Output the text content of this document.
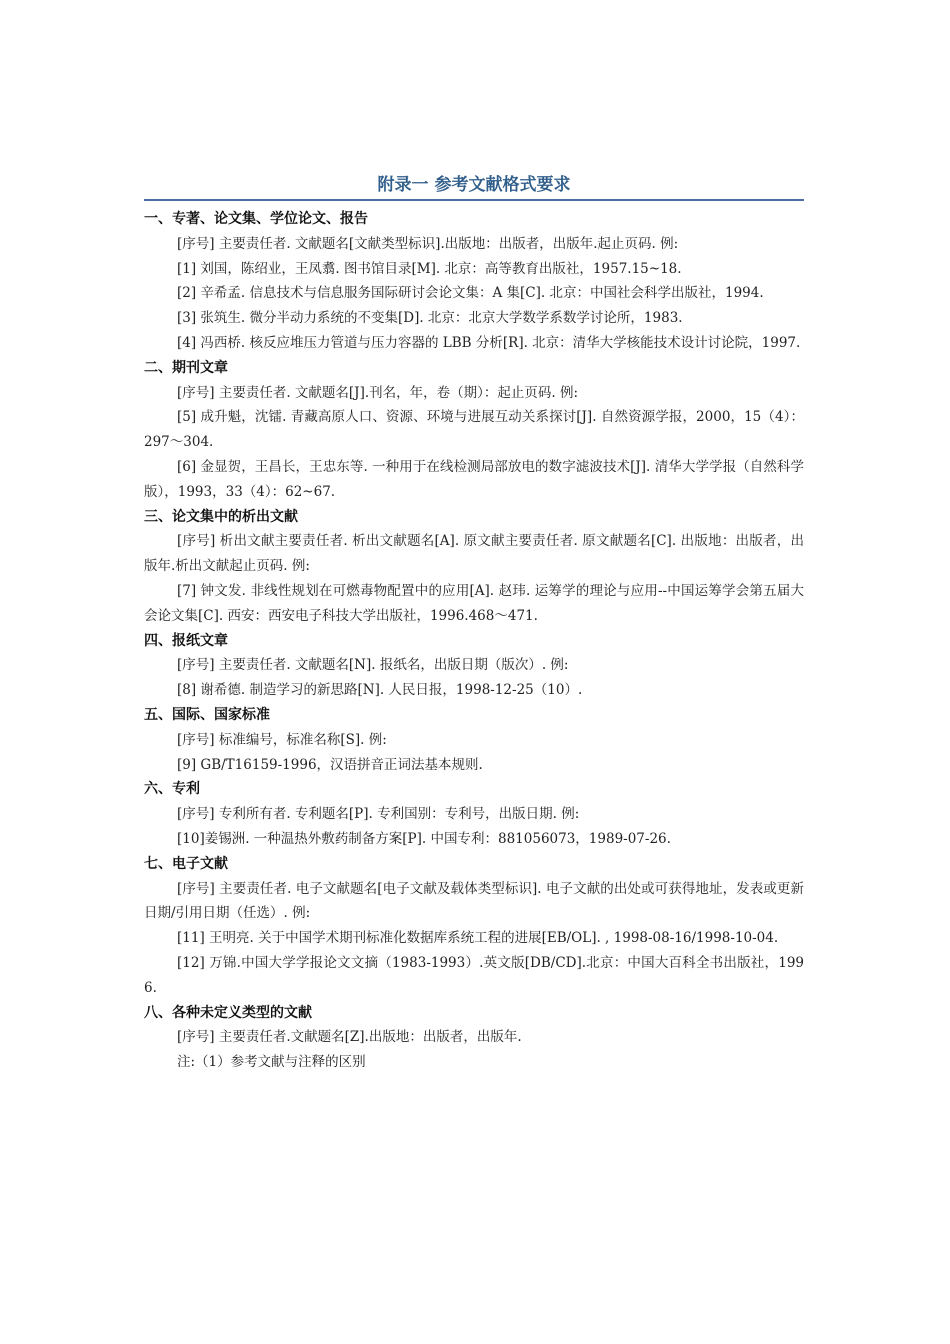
附录一 参考文献格式要求
一、专著、论文集、学位论文、报告
[序号] 主要责任者. 文献题名[文献类型标识].出版地：出版者，出版年.起止页码. 例:
[1] 刘国，陈绍业，王凤翥. 图书馆目录[M]. 北京：高等教育出版社，1957.15~18.
[2] 辛希孟. 信息技术与信息服务国际研讨会论文集：A 集[C]. 北京：中国社会科学出版社，1994.
[3] 张筑生. 微分半动力系统的不变集[D]. 北京：北京大学数学系数学讨论所，1983.
[4] 冯西桥. 核反应堆压力管道与压力容器的 LBB 分析[R]. 北京：清华大学核能技术设计讨论院，1997.
二、期刊文章
[序号] 主要责任者. 文献题名[J].刊名，年，卷（期）：起止页码. 例:
[5] 成升魁，沈镭. 青藏高原人口、资源、环境与进展互动关系探讨[J]. 自然资源学报，2000，15（4）：297～304.
[6] 金显贺，王昌长，王忠东等. 一种用于在线检测局部放电的数字滤波技术[J]. 清华大学学报（自然科学版），1993，33（4）：62~67.
三、论文集中的析出文献
[序号] 析出文献主要责任者. 析出文献题名[A]. 原文献主要责任者. 原文献题名[C]. 出版地：出版者，出版年.析出文献起止页码. 例:
[7] 钟文发. 非线性规划在可燃毒物配置中的应用[A]. 赵玮. 运筹学的理论与应用--中国运筹学会第五届大会论文集[C]. 西安：西安电子科技大学出版社，1996.468～471.
四、报纸文章
[序号] 主要责任者. 文献题名[N]. 报纸名，出版日期（版次）. 例:
[8] 谢希德. 制造学习的新思路[N]. 人民日报，1998-12-25（10）.
五、国际、国家标准
[序号] 标准编号，标准名称[S]. 例:
[9] GB/T16159-1996，汉语拼音正词法基本规则.
六、专利
[序号] 专利所有者. 专利题名[P]. 专利国别：专利号，出版日期. 例:
[10]姜锡洲. 一种温热外敷药制备方案[P]. 中国专利：881056073，1989-07-26.
七、电子文献
[序号] 主要责任者. 电子文献题名[电子文献及载体类型标识]. 电子文献的出处或可获得地址，发表或更新日期/引用日期（任选）. 例:
[11] 王明亮. 关于中国学术期刊标准化数据库系统工程的进展[EB/OL]. , 1998-08-16/1998-10-04.
[12] 万锦.中国大学学报论文文摘（1983-1993）.英文版[DB/CD].北京：中国大百科全书出版社，1996.
八、各种未定义类型的文献
[序号] 主要责任者.文献题名[Z].出版地：出版者，出版年.
注:（1）参考文献与注释的区别
